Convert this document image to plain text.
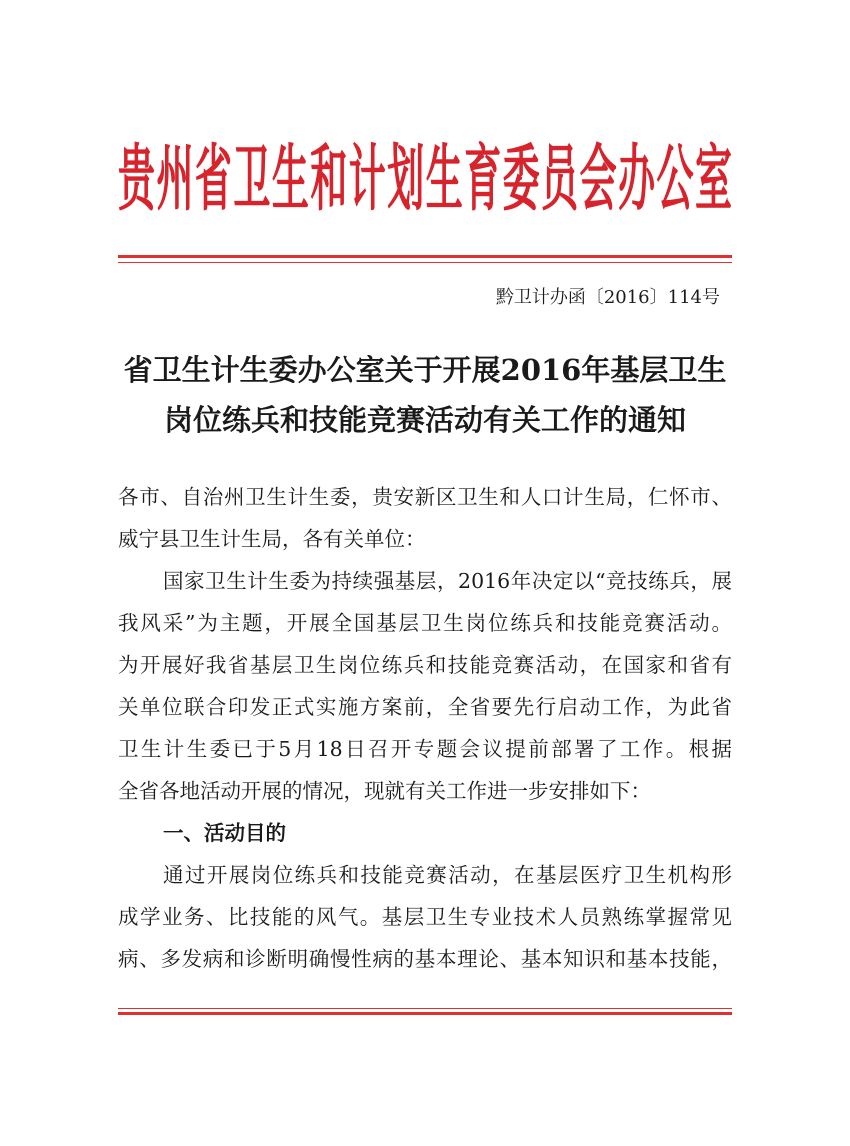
贵州省卫生和计划生育委员会办公室
黔卫计办函〔2016〕114号
省卫生计生委办公室关于开展2016年基层卫生
岗位练兵和技能竞赛活动有关工作的通知
各市、自治州卫生计生委，贵安新区卫生和人口计生局，仁怀市、
威宁县卫生计生局，各有关单位：
国家卫生计生委为持续强基层，2016年决定以“竞技练兵，展
我风采”为主题，开展全国基层卫生岗位练兵和技能竞赛活动。
为开展好我省基层卫生岗位练兵和技能竞赛活动，在国家和省有
关单位联合印发正式实施方案前，全省要先行启动工作，为此省
卫生计生委已于5月18日召开专题会议提前部署了工作。根据
全省各地活动开展的情况，现就有关工作进一步安排如下：
一、活动目的
通过开展岗位练兵和技能竞赛活动，在基层医疗卫生机构形
成学业务、比技能的风气。基层卫生专业技术人员熟练掌握常见
病、多发病和诊断明确慢性病的基本理论、基本知识和基本技能，
